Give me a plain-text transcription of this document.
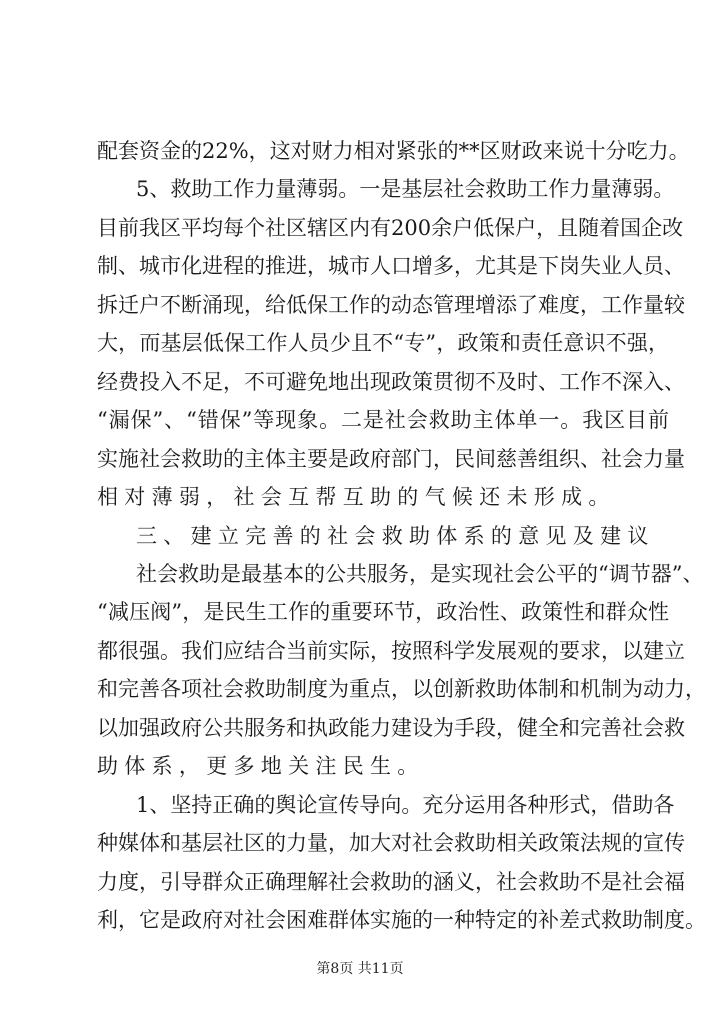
配套资金的22%，这对财力相对紧张的**区财政来说十分吃力。
5、救助工作力量薄弱。一是基层社会救助工作力量薄弱。
目前我区平均每个社区辖区内有200余户低保户，且随着国企改
制、城市化进程的推进，城市人口增多，尤其是下岗失业人员、
拆迁户不断涌现，给低保工作的动态管理增添了难度，工作量较
大，而基层低保工作人员少且不“专”，政策和责任意识不强，
经费投入不足，不可避免地出现政策贯彻不及时、工作不深入、
“漏保”、“错保”等现象。二是社会救助主体单一。我区目前
实施社会救助的主体主要是政府部门，民间慈善组织、社会力量
相对薄弱，社会互帮互助的气候还未形成。
三、建立完善的社会救助体系的意见及建议
社会救助是最基本的公共服务，是实现社会公平的“调节器”、
“减压阀”，是民生工作的重要环节，政治性、政策性和群众性
都很强。我们应结合当前实际，按照科学发展观的要求，以建立
和完善各项社会救助制度为重点，以创新救助体制和机制为动力，
以加强政府公共服务和执政能力建设为手段，健全和完善社会救
助体系，更多地关注民生。
1、坚持正确的舆论宣传导向。充分运用各种形式，借助各
种媒体和基层社区的力量，加大对社会救助相关政策法规的宣传
力度，引导群众正确理解社会救助的涵义，社会救助不是社会福
利，它是政府对社会困难群体实施的一种特定的补差式救助制度。
第8页 共11页
